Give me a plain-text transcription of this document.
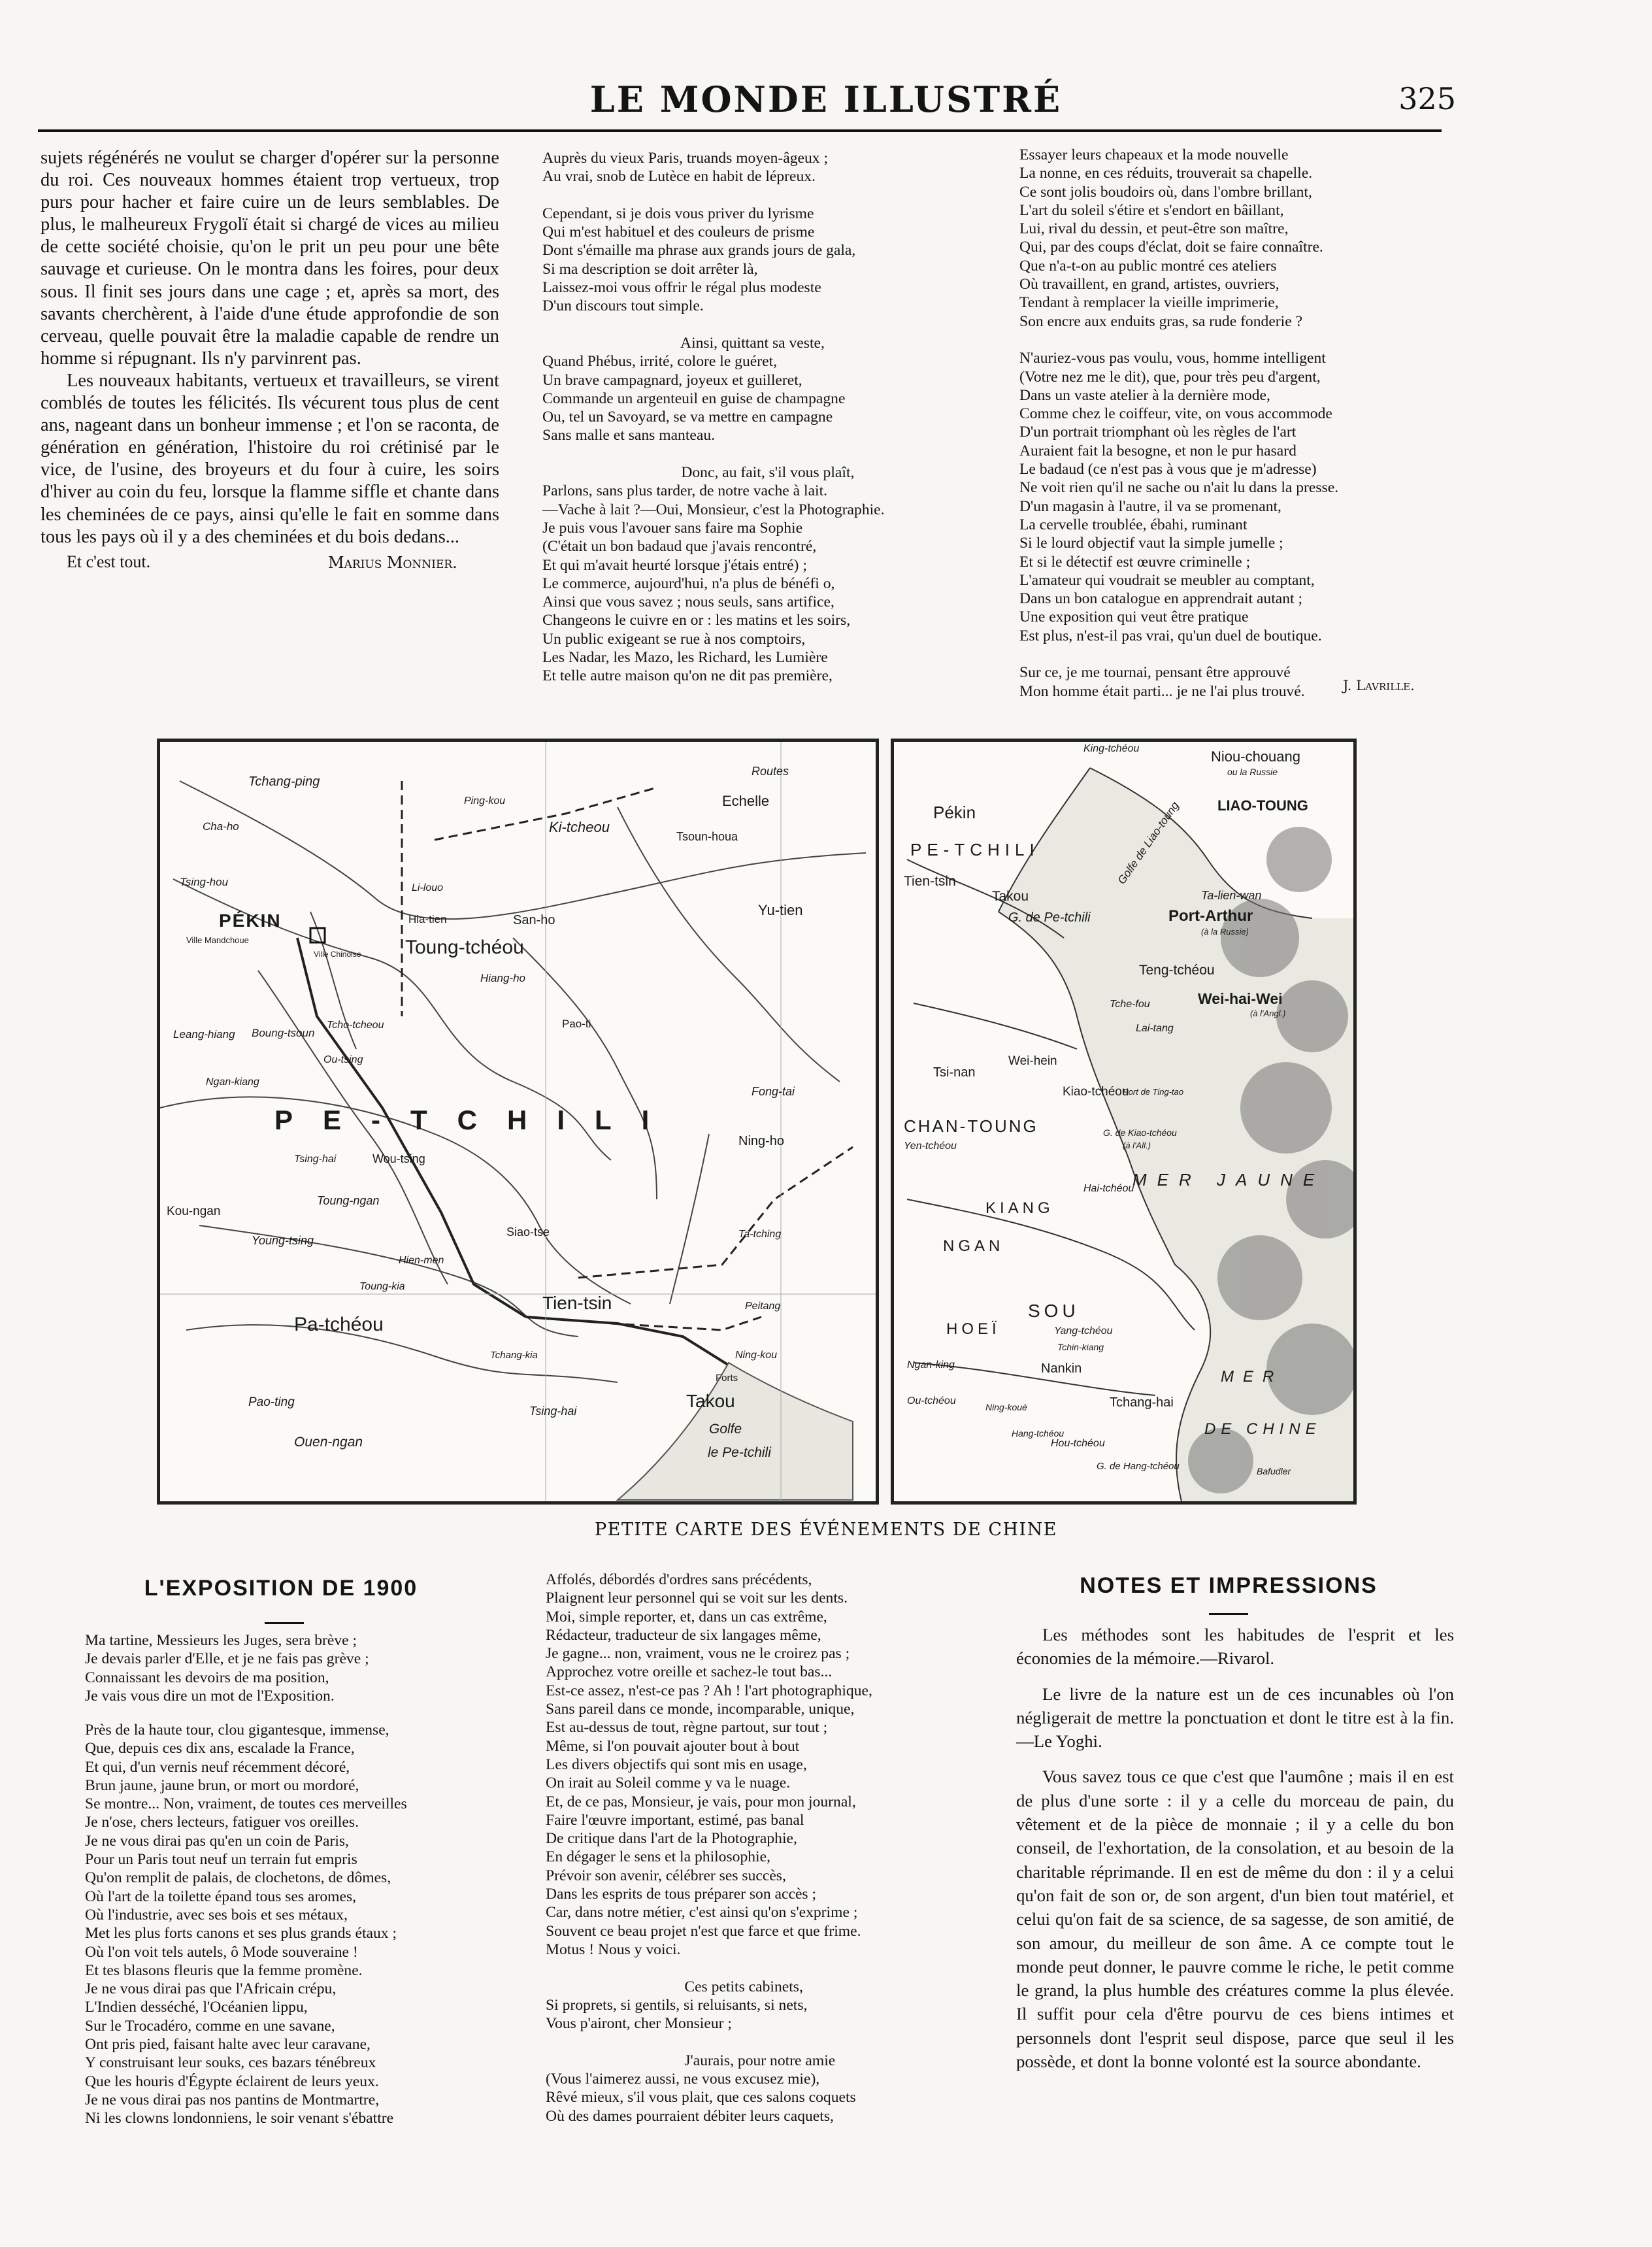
LE MONDE ILLUSTRÉ	325

sujets régénérés ne voulut se charger d'opérer sur la personne du roi. Ces nouveaux hommes étaient trop vertueux, trop purs pour hacher et faire cuire un de leurs semblables. De plus, le malheureux Frygolï était si chargé de vices au milieu de cette société choisie, qu'on le prit un peu pour une bête sauvage et curieuse. On le montra dans les foires, pour deux sous. Il finit ses jours dans une cage ; et, après sa mort, des savants cherchèrent, à l'aide d'une étude approfondie de son cerveau, quelle pouvait être la maladie capable de rendre un homme si répugnant. Ils n'y parvinrent pas.

Les nouveaux habitants, vertueux et travailleurs, se virent comblés de toutes les félicités. Ils vécurent tous plus de cent ans, nageant dans un bonheur immense ; et l'on se raconta, de génération en génération, l'histoire du roi crétinisé par le vice, de l'usine, des broyeurs et du four à cuire, les soirs d'hiver au coin du feu, lorsque la flamme siffle et chante dans les cheminées de ce pays, ainsi qu'elle le fait en somme dans tous les pays où il y a des cheminées et du bois dedans...

Et c'est tout.	Marius Monnier.
Auprès du vieux Paris, truands moyen-âgeux ;
Au vrai, snob de Lutèce en habit de lépreux.

Cependant, si je dois vous priver du lyrisme
Qui m'est habituel et des couleurs de prisme
Dont s'émaille ma phrase aux grands jours de gala,
Si ma description se doit arrêter là,
Laissez-moi vous offrir le régal plus modeste
D'un discours tout simple.

Ainsi, quittant sa veste,
Quand Phébus, irrité, colore le guéret,
Un brave campagnard, joyeux et guilleret,
Commande un argenteuil en guise de champagne
Ou, tel un Savoyard, se va mettre en campagne
Sans malle et sans manteau.

Donc, au fait, s'il vous plaît,
Parlons, sans plus tarder, de notre vache à lait.
—Vache à lait ?—Oui, Monsieur, c'est la Photographie.
Je puis vous l'avouer sans faire ma Sophie
(C'était un bon badaud que j'avais rencontré,
Et qui m'avait heurté lorsque j'étais entré) ;
Le commerce, aujourd'hui, n'a plus de bénéfi o,
Ainsi que vous savez ; nous seuls, sans artifice,
Changeons le cuivre en or : les matins et les soirs,
Un public exigeant se rue à nos comptoirs,
Les Nadar, les Mazo, les Richard, les Lumière
Et telle autre maison qu'on ne dit pas première,
Essayer leurs chapeaux et la mode nouvelle
La nonne, en ces réduits, trouverait sa chapelle.
Ce sont jolis boudoirs où, dans l'ombre brillant,
L'art du soleil s'étire et s'endort en bâillant,
Lui, rival du dessin, et peut-être son maître,
Qui, par des coups d'éclat, doit se faire connaître.
Que n'a-t-on au public montré ces ateliers
Où travaillent, en grand, artistes, ouvriers,
Tendant à remplacer la vieille imprimerie,
Son encre aux enduits gras, sa rude fonderie ?

N'auriez-vous pas voulu, vous, homme intelligent
(Votre nez me le dit), que, pour très peu d'argent,
Dans un vaste atelier à la dernière mode,
Comme chez le coiffeur, vite, on vous accommode
D'un portrait triomphant où les règles de l'art
Auraient fait la besogne, et non le pur hasard
Le badaud (ce n'est pas à vous que je m'adresse)
Ne voit rien qu'il ne sache ou n'ait lu dans la presse.
D'un magasin à l'autre, il va se promenant,
La cervelle troublée, ébahi, ruminant
Si le lourd objectif vaut la simple jumelle ;
Et si le détectif est œuvre criminelle ;
L'amateur qui voudrait se meubler au comptant,
Dans un bon catalogue en apprendrait autant ;
Une exposition qui veut être pratique
Est plus, n'est-il pas vrai, qu'un duel de boutique.

Sur ce, je me tournai, pensant être approuvé
Mon homme était parti... je ne l'ai plus trouvé.	J. Lavrille.
Routes
Echelle
Tchang-ping
Cha-ho
Tsing-hou
PÉKIN
Ville Mandchoue
Ville Chinoise Toung-tchéou
Hia-tien	San-ho
Yu-tien
Ki-tcheou
Ping-kou
Tsoun-houa
Li-louo
Hiang-ho
Pao-ti
Leang-hiang Boung-tsoun
Tcho-tcheou
Ngan-kiang
Ou-tsing
PE-TCHILI
Wou-tsing
Tsing-hai
Kou-ngan
Young-tsing
Toung-ngan
Ning-ho
Hien-men
Fong-tai
Siao-tse
Pa-tchéou
Toung-kia
Tien-tsin
Tchang-kia
Pao-ting
Ouen-ngan
Takou
Golfe
le Pe-tchili
Forts
Tsing-hai
Peitang
Ta-tching
Ning-kou
King-tchéou	Niou-chouang
ou la Russie
LIAO-TOUNG
Pékin
PE-TCHILI
Tien-tsin
Takou
G. de Pe-tchili
Golfe de Liao-toung
Ta-lien-wan
Port-Arthur
(à la Russie)
Teng-tchéou
Wei-hai-Wei
(à l'Angl.)
Tche-fou
Lai-tang
Wei-hein
Tsi-nan
Kiao-tchéou
Port de Ting-tao
G. de Kiao-tchéou
(à l'All.)
CHAN-TOUNG
Yen-tchéou
MER JAUNE
KIANG
NGAN
HOEÏ
SOU
Hai-tchéou
Yang-tchéou
Nankin
Tchang-hai
MER
DE CHINE
Tchin-kiang
Hou-tchéou
Ning-koué
G. de Hang-tchéou
Ou-tchéou
Ngan-king
Hang-tchéou
Bafudler
PETITE CARTE DES ÉVÉNEMENTS DE CHINE
L'EXPOSITION DE 1900
Ma tartine, Messieurs les Juges, sera brève ;
Je devais parler d'Elle, et je ne fais pas grève ;
Connaissant les devoirs de ma position,
Je vais vous dire un mot de l'Exposition.
Près de la haute tour, clou gigantesque, immense,
Que, depuis ces dix ans, escalade la France,
Et qui, d'un vernis neuf récemment décoré,
Brun jaune, jaune brun, or mort ou mordoré,
Se montre... Non, vraiment, de toutes ces merveilles
Je n'ose, chers lecteurs, fatiguer vos oreilles.
Je ne vous dirai pas qu'en un coin de Paris,
Pour un Paris tout neuf un terrain fut empris
Qu'on remplit de palais, de clochetons, de dômes,
Où l'art de la toilette épand tous ses aromes,
Où l'industrie, avec ses bois et ses métaux,
Met les plus forts canons et ses plus grands étaux ;
Où l'on voit tels autels, ô Mode souveraine !
Et tes blasons fleuris que la femme promène.
Je ne vous dirai pas que l'Africain crépu,
L'Indien desséché, l'Océanien lippu,
Sur le Trocadéro, comme en une savane,
Ont pris pied, faisant halte avec leur caravane,
Y construisant leur souks, ces bazars ténébreux
Que les houris d'Égypte éclairent de leurs yeux.
Je ne vous dirai pas nos pantins de Montmartre,
Ni les clowns londonniens, le soir venant s'ébattre
Affolés, débordés d'ordres sans précédents,
Plaignent leur personnel qui se voit sur les dents.
Moi, simple reporter, et, dans un cas extrême,
Rédacteur, traducteur de six langages même,
Je gagne... non, vraiment, vous ne le croirez pas ;
Approchez votre oreille et sachez-le tout bas...
Est-ce assez, n'est-ce pas ? Ah ! l'art photographique,
Sans pareil dans ce monde, incomparable, unique,
Est au-dessus de tout, règne partout, sur tout ;
Même, si l'on pouvait ajouter bout à bout
Les divers objectifs qui sont mis en usage,
On irait au Soleil comme y va le nuage.
Et, de ce pas, Monsieur, je vais, pour mon journal,
Faire l'œuvre important, estimé, pas banal
De critique dans l'art de la Photographie,
En dégager le sens et la philosophie,
Prévoir son avenir, célébrer ses succès,
Dans les esprits de tous préparer son accès ;
Car, dans notre métier, c'est ainsi qu'on s'exprime ;
Souvent ce beau projet n'est que farce et que frime.
Motus ! Nous y voici.

Ces petits cabinets,
Si proprets, si gentils, si reluisants, si nets,
Vous p'airont, cher Monsieur ;

J'aurais, pour notre amie
(Vous l'aimerez aussi, ne vous excusez mie),
Rêvé mieux, s'il vous plait, que ces salons coquets
Où des dames pourraient débiter leurs caquets,
NOTES ET IMPRESSIONS

Les méthodes sont les habitudes de l'esprit et les économies de la mémoire.—Rivarol.

Le livre de la nature est un de ces incunables où l'on négligerait de mettre la ponctuation et dont le titre est à la fin.—Le Yoghi.

Vous savez tous ce que c'est que l'aumône ; mais il en est de plus d'une sorte : il y a celle du morceau de pain, du vêtement et de la pièce de monnaie ; il y a celle du bon conseil, de l'exhortation, de la consolation, et au besoin de la charitable réprimande. Il en est de même du don : il y a celui qu'on fait de son or, de son argent, d'un bien tout matériel, et celui qu'on fait de sa science, de sa sagesse, de son amitié, de son amour, du meilleur de son âme. A ce compte tout le monde peut donner, le pauvre comme le riche, le petit comme le grand, la plus humble des créatures comme la plus élevée. Il suffit pour cela d'être pourvu de ces biens intimes et personnels dont l'esprit seul dispose, parce que seul il les possède, et dont la bonne volonté est la source abondante.
